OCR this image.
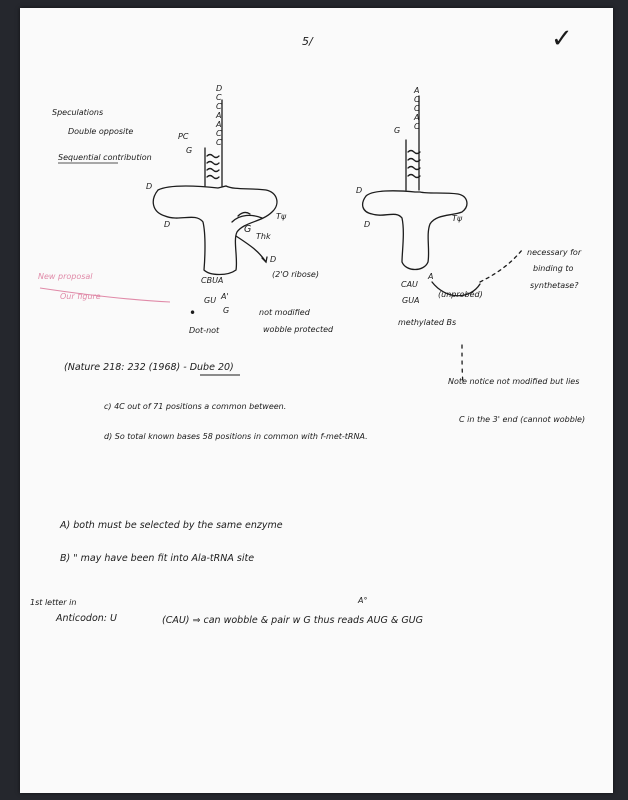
5/	✓
Speculations
Double opposite
Sequential contribution
New proposal
Our figure
D
C
C
A
A
C
C
PC
G
D
D
Tψ
G
Thk
D
(2'O ribose)
CBUA
GU A'
G
•
Dot-not
not modified
wobble protected
A
C
C
A
C
G
D
D
Tψ
CAU
GUA
A
(unprobed)
necessary for
binding to
synthetase?
methylated Bs
(Nature 218: 232 (1968) - Dube 20)
Note notice not modified but lies
c) 4C out of 71 positions a common between.
C in the 3' end (cannot wobble)
d) So total known bases 58 positions in common with f-met-tRNA.
A) both must be selected by the same enzyme
B) " may have been fit into Ala-tRNA site
1st letter in
Anticodon: U
A°
(CAU) ⇒ can wobble & pair w G thus reads AUG & GUG
